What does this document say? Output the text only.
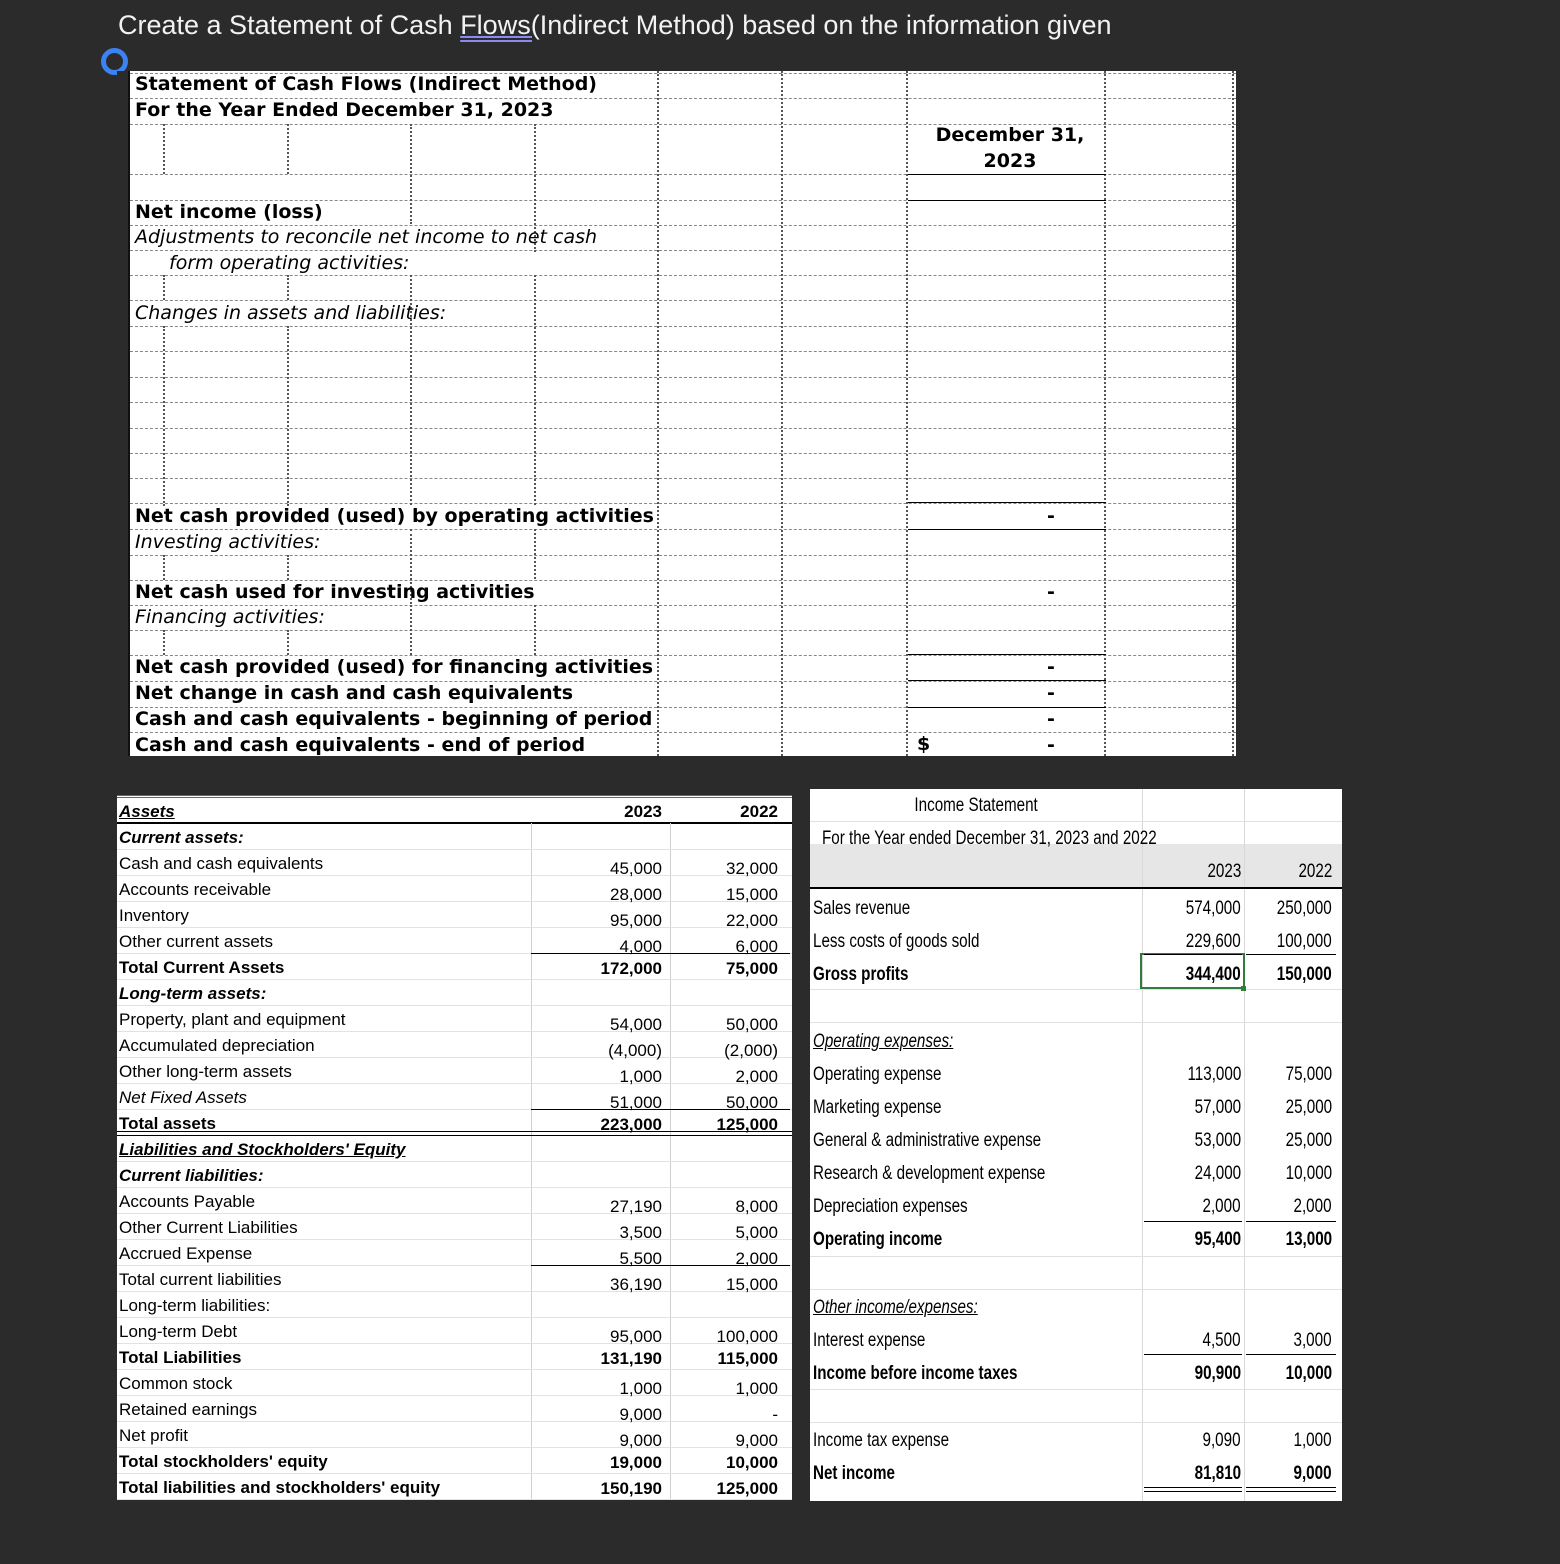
Create a Statement of Cash Flows(Indirect Method) based on the information given
Statement of Cash Flows (Indirect Method)
For the Year Ended December 31, 2023
December 31,
2023
Net income (loss)
Adjustments to reconcile net income to net cash
form operating activities:
Changes in assets and liabilities:
Net cash provided (used) by operating activities	-
Investing activities:
Net cash used for investing activities	-
Financing activities:
Net cash provided (used) for financing activities	-
Net change in cash and cash equivalents	-
Cash and cash equivalents - beginning of period	-
Cash and cash equivalents - end of period	$	-
Assets	2023	2022
Current assets:
Cash and cash equivalents	45,000	32,000
Accounts receivable	28,000	15,000
Inventory	95,000	22,000
Other current assets	4,000	6,000
Total Current Assets	172,000	75,000
Long-term assets:
Property, plant and equipment	54,000	50,000
Accumulated depreciation	(4,000)	(2,000)
Other long-term assets	1,000	2,000
Net Fixed Assets	51,000	50,000
Total assets	223,000	125,000
Liabilities and Stockholders' Equity
Current liabilities:
Accounts Payable	27,190	8,000
Other Current Liabilities	3,500	5,000
Accrued Expense	5,500	2,000
Total current liabilities	36,190	15,000
Long-term liabilities:
Long-term Debt	95,000	100,000
Total Liabilities	131,190	115,000
Common stock	1,000	1,000
Retained earnings	9,000	-
Net profit	9,000	9,000
Total stockholders' equity	19,000	10,000
Total liabilities and stockholders' equity	150,190	125,000
Income Statement
For the Year ended December 31, 2023 and 2022
2023	2022
Sales revenue	574,000	250,000
Less costs of goods sold	229,600	100,000
Gross profits	344,400	150,000
Operating expenses:
Operating expense	113,000	75,000
Marketing expense	57,000	25,000
General & administrative expense	53,000	25,000
Research & development expense	24,000	10,000
Depreciation expenses	2,000	2,000
Operating income	95,400	13,000
Other income/expenses:
Interest expense	4,500	3,000
Income before income taxes	90,900	10,000
Income tax expense	9,090	1,000
Net income	81,810	9,000
